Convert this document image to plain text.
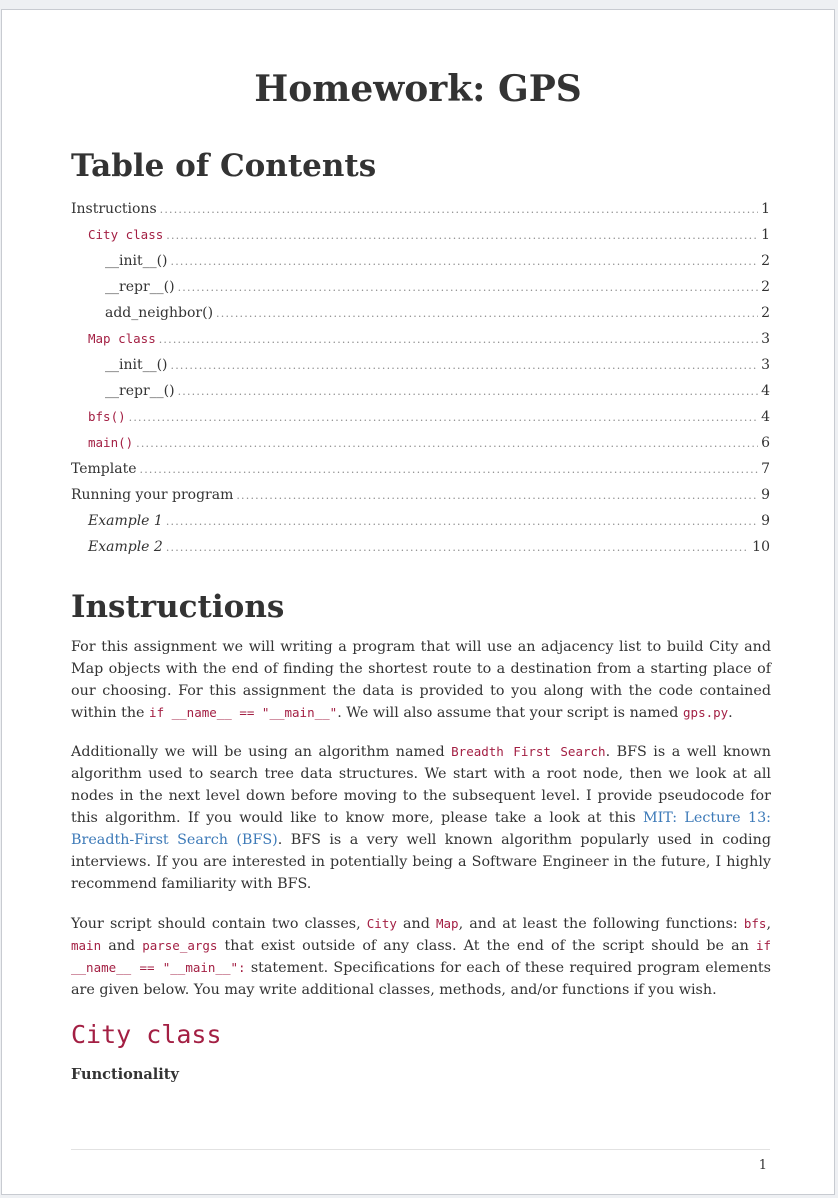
Homework: GPS
Table of Contents
Instructions .....	1
City class .....	1
__init__() .....	2
__repr__() .....	2
add_neighbor() .....	2
Map class .....	3
__init__() .....	3
__repr__() .....	4
bfs() .....	4
main() .....	6
Template .....	7
Running your program .....	9
Example 1 .....	9
Example 2 .....	10
Instructions

For this assignment we will writing a program that will use an adjacency list to build City and Map objects with the end of finding the shortest route to a destination from a starting place of our choosing. For this assignment the data is provided to you along with the code contained within the if __name__ == "__main__". We will also assume that your script is named gps.py.

Additionally we will be using an algorithm named Breadth First Search. BFS is a well known algorithm used to search tree data structures. We start with a root node, then we look at all nodes in the next level down before moving to the subsequent level. I provide pseudocode for this algorithm. If you would like to know more, please take a look at this MIT: Lecture 13: Breadth-First Search (BFS). BFS is a very well known algorithm popularly used in coding interviews. If you are interested in potentially being a Software Engineer in the future, I highly recommend familiarity with BFS.

Your script should contain two classes, City and Map, and at least the following functions: bfs, main and parse_args that exist outside of any class. At the end of the script should be an if __name__ == "__main__": statement. Specifications for each of these required program elements are given below. You may write additional classes, methods, and/or functions if you wish.

City class
Functionality
1
